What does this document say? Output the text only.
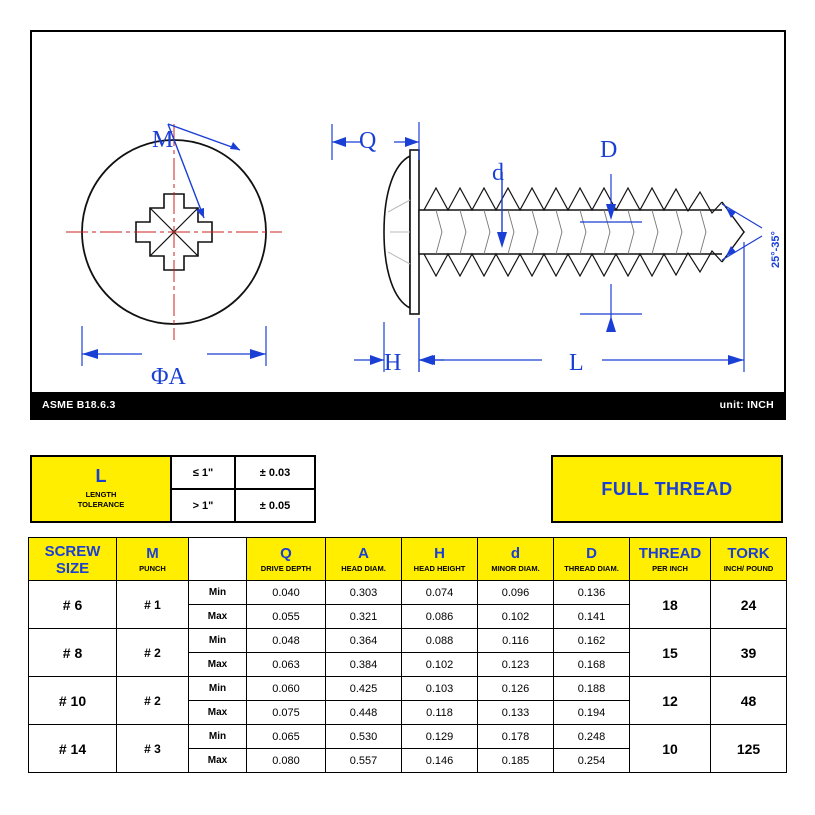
M
ΦA
Q
d
D
H	L
25°-35°
ASME B18.6.3	unit: INCH
L
LENGTH
TOLERANCE
≤ 1"	± 0.03
> 1"	± 0.05
FULL THREAD
SCREW
SIZE

M
PUNCH

Q
DRIVE DEPTH

A
HEAD DIAM.

H
HEAD HEIGHT

d
MINOR DIAM.

D
THREAD DIAM.

THREAD
PER INCH

TORK
INCH/ POUND

# 6	# 1	Min	0.040	0.303	0.074	0.096	0.136	18	24
		Max	0.055	0.321	0.086	0.102	0.141		
# 8	# 2	Min	0.048	0.364	0.088	0.116	0.162	15	39
		Max	0.063	0.384	0.102	0.123	0.168		
# 10	# 2	Min	0.060	0.425	0.103	0.126	0.188	12	48
		Max	0.075	0.448	0.118	0.133	0.194		
# 14	# 3	Min	0.065	0.530	0.129	0.178	0.248	10	125
		Max	0.080	0.557	0.146	0.185	0.254		
